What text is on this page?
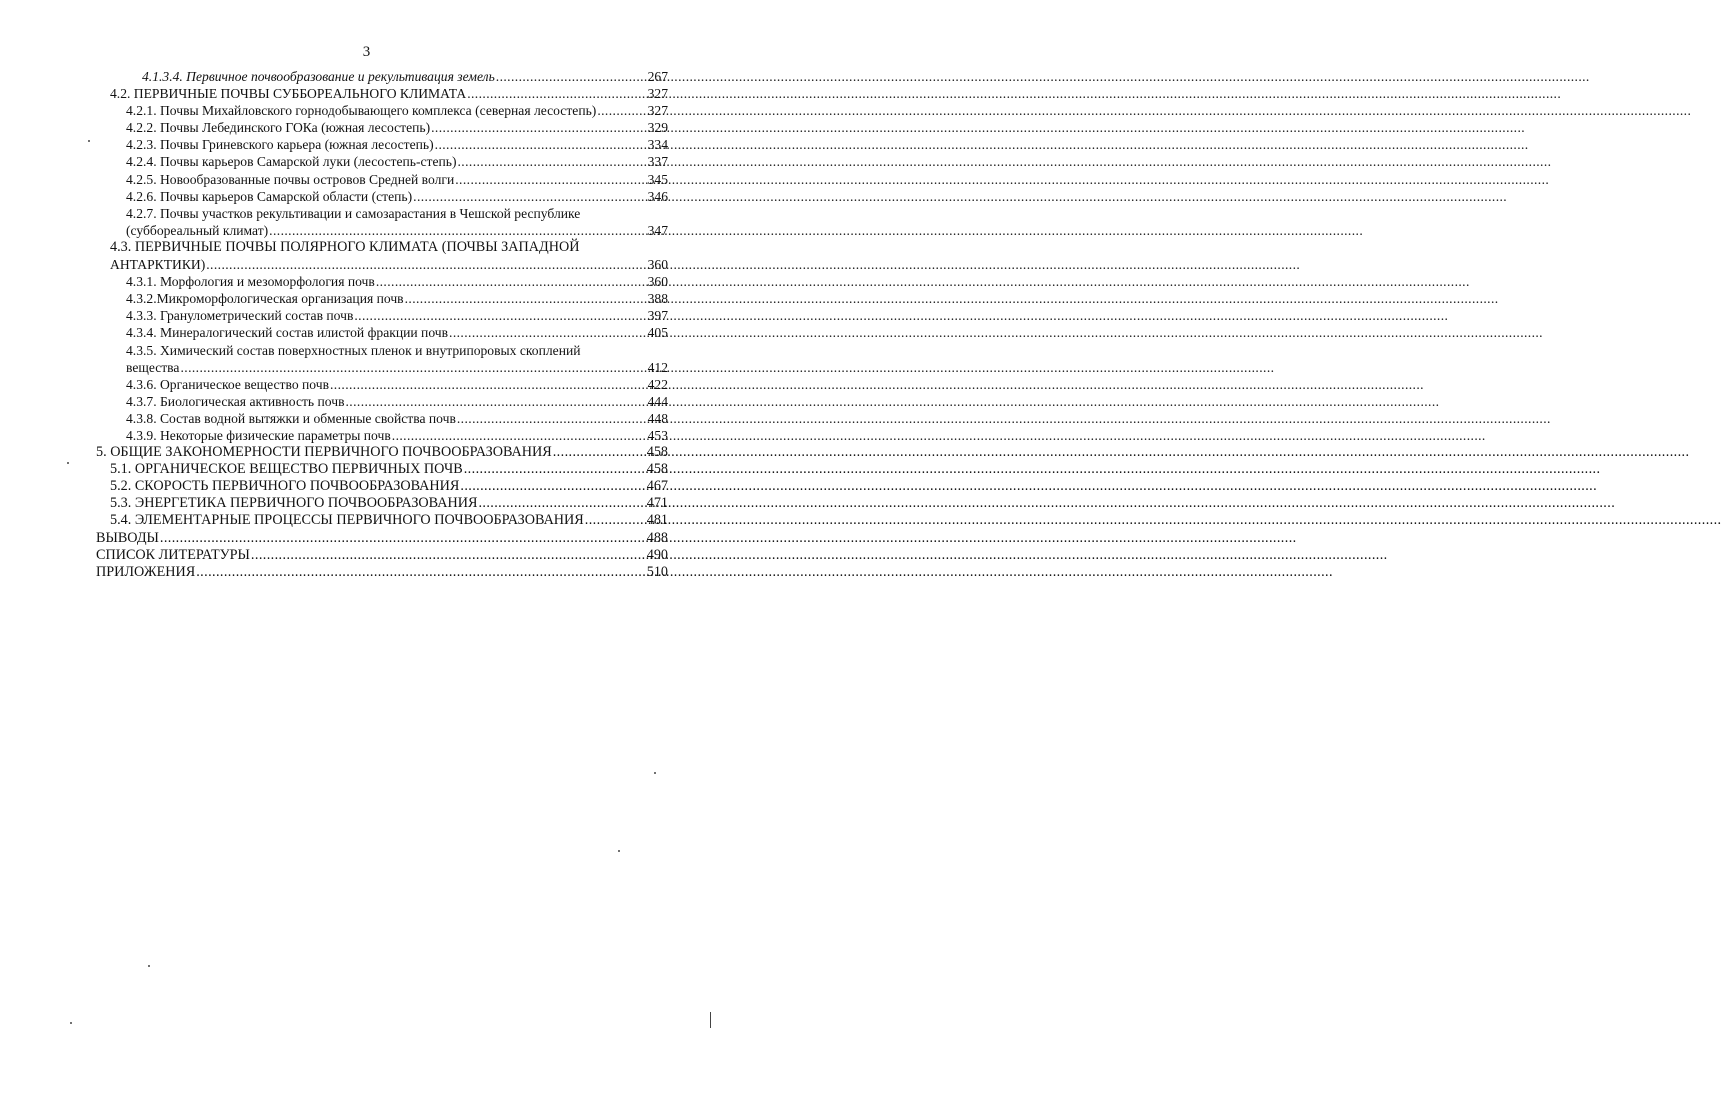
3
4.1.3.4. Первичное почвообразование и рекультивация земель .....	267
4.2. ПЕРВИЧНЫЕ ПОЧВЫ СУББОРЕАЛЬНОГО КЛИМАТА .....	327
4.2.1. Почвы Михайловского горнодобывающего комплекса (северная лесостепь) .....	327
4.2.2. Почвы Лебединского ГОКа (южная лесостепь) .....	329
4.2.3. Почвы Гриневского карьера (южная лесостепь) .....	334
4.2.4. Почвы карьеров Самарской луки (лесостепь-степь) .....	337
4.2.5. Новообразованные почвы островов Средней волги .....	345
4.2.6. Почвы карьеров Самарской области (степь) .....	346
4.2.7. Почвы участков рекультивации и самозарастания в Чешской республике
(суббореальный климат) .....	347
4.3. ПЕРВИЧНЫЕ ПОЧВЫ ПОЛЯРНОГО КЛИМАТА (ПОЧВЫ ЗАПАДНОЙ
АНТАРКТИКИ) .....	360
4.3.1. Морфология и мезоморфология почв .....	360
4.3.2.Микроморфологическая организация почв .....	388
4.3.3. Гранулометрический состав почв .....	397
4.3.4. Минералогический состав илистой фракции почв .....	405
4.3.5. Химический состав поверхностных пленок и внутрипоровых скоплений
вещества .....	412
4.3.6. Органическое вещество почв .....	422
4.3.7. Биологическая активность почв .....	444
4.3.8. Состав водной вытяжки и обменные свойства почв .....	448
4.3.9. Некоторые физические параметры почв .....	453
5. ОБЩИЕ ЗАКОНОМЕРНОСТИ ПЕРВИЧНОГО ПОЧВООБРАЗОВАНИЯ .....	458
5.1. ОРГАНИЧЕСКОЕ ВЕЩЕСТВО ПЕРВИЧНЫХ ПОЧВ .....	458
5.2. СКОРОСТЬ ПЕРВИЧНОГО ПОЧВООБРАЗОВАНИЯ .....	467
5.3. ЭНЕРГЕТИКА ПЕРВИЧНОГО ПОЧВООБРАЗОВАНИЯ .....	471
5.4. ЭЛЕМЕНТАРНЫЕ ПРОЦЕССЫ ПЕРВИЧНОГО ПОЧВООБРАЗОВАНИЯ .....	481
ВЫВОДЫ .....	488
СПИСОК ЛИТЕРАТУРЫ .....	490
ПРИЛОЖЕНИЯ .....	510
